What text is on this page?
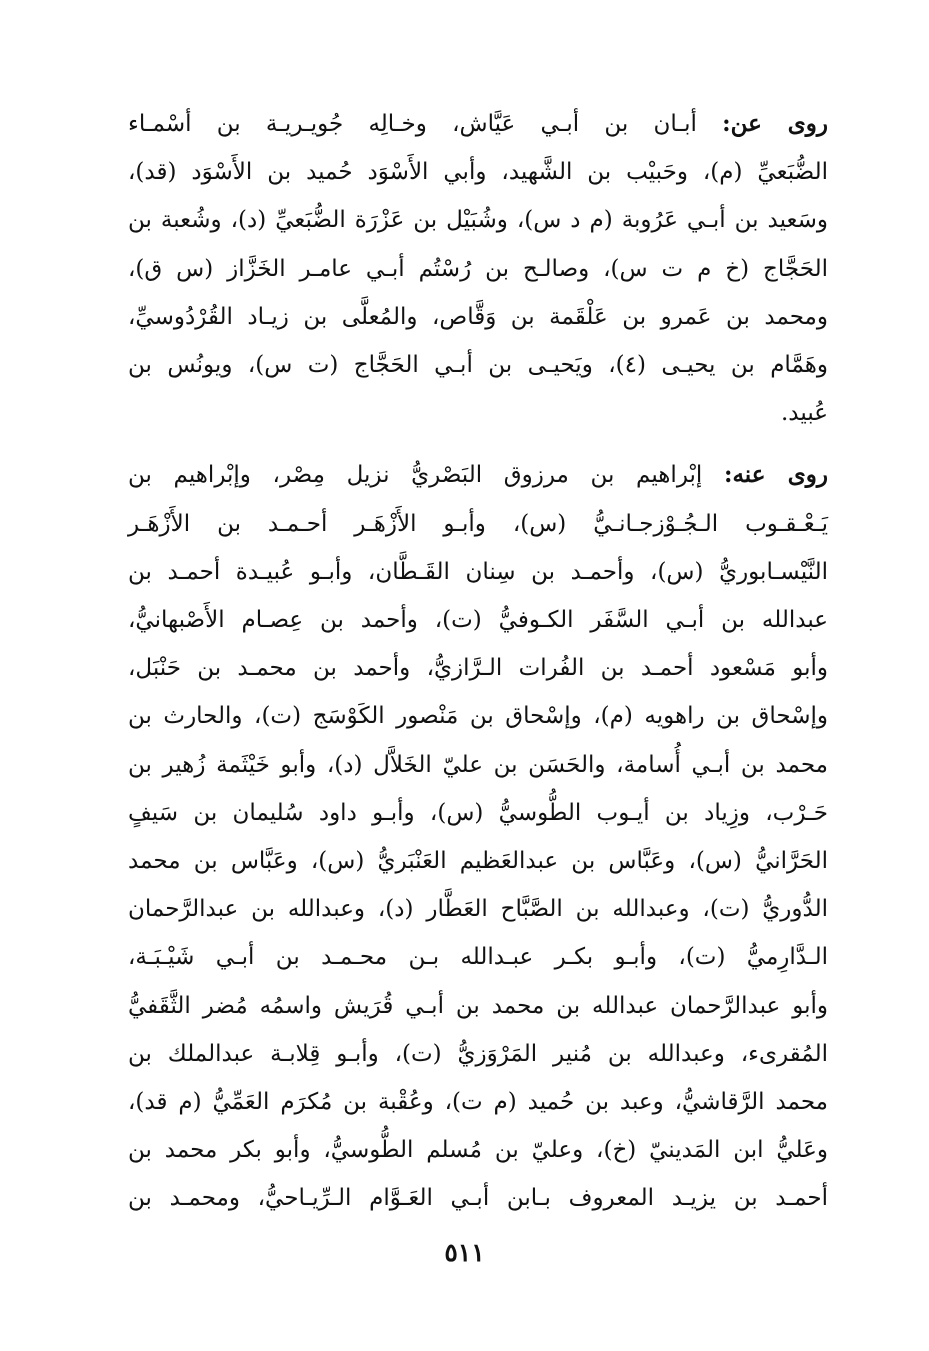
روى عن: أبـان بن أبـي عَيَّاش، وخـالِه جُويـريـة بن أسْمـاء
الضُّبَعيِّ (م)، وحَبيْب بن الشَّهيد، وأبي الأَسْوَد حُميد بن الأَسْوَد (قد)،
وسَعيد بن أبـي عَرُوبة (م د س)، وشُبَيْل بن عَزْرَة الضُّبَعيِّ (د)، وشُعبة بن
الحَجَّاج (خ م ت س)، وصالـح بن رُسْتُم أبـي عامـر الخَزَّاز (س ق)،
ومحمد بن عَمرو بن عَلْقَمة بن وَقَّاص، والمُعلَّى بن زيـاد القُرْدُوسيِّ،
وهَمَّام بن يحيـى (٤)، ويَحيـى بن أبـي الحَجَّاج (ت س)، ويونُس بن
عُبيد.

روى عنه: إبْراهيم بن مرزوق البَصْريُّ نزيل مِصْر، وإبْراهيم بن
يَـعْـقـوب الـجُـوْزجـانـيُّ (س)، وأبـو الأَزْهَـر أحـمـد بن الأَزْهَـر
النَّيْسـابوريُّ (س)، وأحمـد بن سِنان القَـطَّان، وأبـو عُبيـدة أحمـد بن
عبدالله بن أبـي السَّفَر الكـوفيُّ (ت)، وأحمد بن عِصـام الأَصْبهانيُّ،
وأبو مَسْعود أحمـد بن الفُرات الـرَّازيُّ، وأحمد بن محمـد بن حَنْبَل،
وإسْحاق بن راهويه (م)، وإسْحاق بن مَنْصور الكَوْسَج (ت)، والحارث بن
محمد بن أبـي أُسامة، والحَسَن بن عليّ الخَلاَّل (د)، وأبو خَيْثَمة زُهير بن
حَـرْب، وزِياد بن أيـوب الطُّوسيُّ (س)، وأبـو داود سُليمان بن سَيفٍ
الحَرَّانيُّ (س)، وعَبَّاس بن عبدالعَظيم العَنْبَريُّ (س)، وعَبَّاس بن محمد
الدُّوريُّ (ت)، وعبدالله بن الصَّبَّاح العَطَّار (د)، وعبدالله بن عبدالرَّحمان
الـدَّارِميُّ (ت)، وأبـو بكـر عبـدالله بـن محـمـد بن أبـي شَيْـبَـة،
وأبو عبدالرَّحمان عبدالله بن محمد بن أبـي قُرَيش واسمُه مُضر الثَّقَفيُّ
المُقرىء، وعبدالله بن مُنير المَرْوَزيُّ (ت)، وأبـو قِلابـة عبدالملك بن
محمد الرَّقاشيُّ، وعبد بن حُميد (م ت)، وعُقْبة بن مُكرَم العَمِّيُّ (م قد)،
وعَليُّ ابن المَدينيّ (خ)، وعليّ بن مُسلم الطُّوسيُّ، وأبو بكر محمد بن
أحمـد بن يزيـد المعروف بـابن أبـي العَـوَّام الـرِّيـاحيُّ، ومحمـد بن

٥١١
